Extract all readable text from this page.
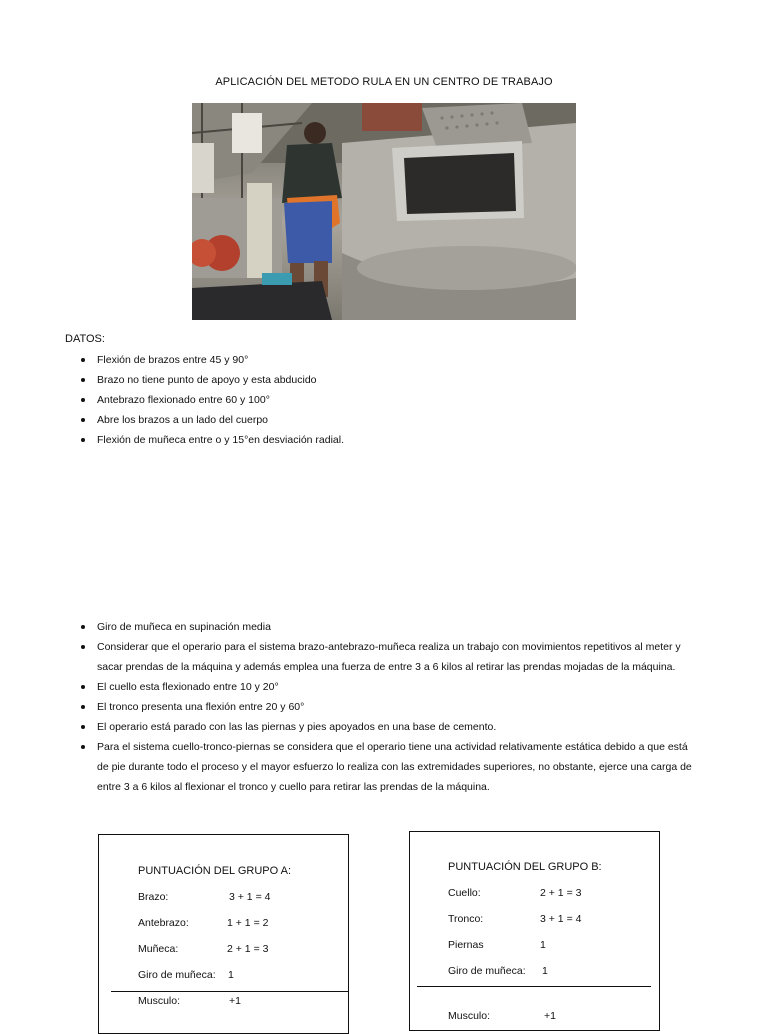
APLICACIÓN DEL METODO RULA EN UN CENTRO DE TRABAJO
DATOS:
Flexión de brazos entre 45 y 90°
Brazo no tiene punto de apoyo y esta abducido
Antebrazo flexionado entre 60 y 100°
Abre los brazos a un lado del cuerpo
Flexión de muñeca entre o y 15°en desviación radial.
Giro de muñeca en supinación media
Considerar que el operario para el sistema brazo-antebrazo-muñeca realiza un trabajo con movimientos repetitivos al meter y sacar prendas de la máquina y además emplea una fuerza de entre 3 a 6 kilos al retirar las prendas mojadas de la máquina.
El cuello esta flexionado entre 10 y 20°
El tronco presenta una flexión entre 20 y 60°
El operario está parado con las las piernas y pies apoyados en una base de cemento.
Para el sistema cuello-tronco-piernas se considera que el operario tiene una actividad relativamente estática debido a que está de pie durante todo el proceso y el mayor esfuerzo lo realiza con las extremidades superiores, no obstante, ejerce una carga de entre 3 a 6 kilos al flexionar el tronco y cuello para retirar las prendas de la máquina.
PUNTUACIÓN DEL GRUPO A:
Brazo:	3 + 1 = 4
Antebrazo:	1 + 1 = 2
Muñeca:	2 + 1 = 3
Giro de muñeca: 1
Musculo:	+1
PUNTUACIÓN DEL GRUPO B:
Cuello:	2 + 1 = 3
Tronco:	3 + 1 = 4
Piernas	1
Giro de muñeca: 1
Musculo:	+1
